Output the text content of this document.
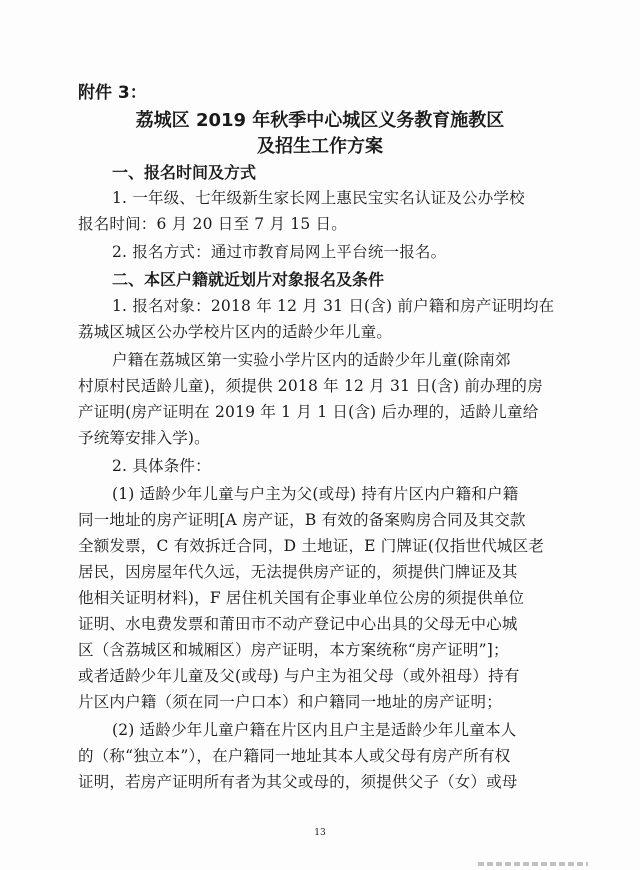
附件 3：
荔城区 2019 年秋季中心城区义务教育施教区
及招生工作方案
一、报名时间及方式
1. 一年级、七年级新生家长网上惠民宝实名认证及公办学校
报名时间：6 月 20 日至 7 月 15 日。
2. 报名方式：通过市教育局网上平台统一报名。
二、本区户籍就近划片对象报名及条件
1. 报名对象：2018 年 12 月 31 日(含) 前户籍和房产证明均在
荔城区城区公办学校片区内的适龄少年儿童。
户籍在荔城区第一实验小学片区内的适龄少年儿童(除南郊
村原村民适龄儿童)，须提供 2018 年 12 月 31 日(含) 前办理的房
产证明(房产证明在 2019 年 1 月 1 日(含) 后办理的，适龄儿童给
予统筹安排入学)。
2. 具体条件：
(1) 适龄少年儿童与户主为父(或母) 持有片区内户籍和户籍
同一地址的房产证明[A 房产证，B 有效的备案购房合同及其交款
全额发票，C 有效拆迁合同，D 土地证，E 门牌证(仅指世代城区老
居民，因房屋年代久远，无法提供房产证的，须提供门牌证及其
他相关证明材料)，F 居住机关国有企事业单位公房的须提供单位
证明、水电费发票和莆田市不动产登记中心出具的父母无中心城
区（含荔城区和城厢区）房产证明，本方案统称“房产证明”]；
或者适龄少年儿童及父(或母) 与户主为祖父母（或外祖母）持有
片区内户籍（须在同一户口本）和户籍同一地址的房产证明；
(2) 适龄少年儿童户籍在片区内且户主是适龄少年儿童本人
的（称“独立本”），在户籍同一地址其本人或父母有房产所有权
证明，若房产证明所有者为其父或母的，须提供父子（女）或母
13
